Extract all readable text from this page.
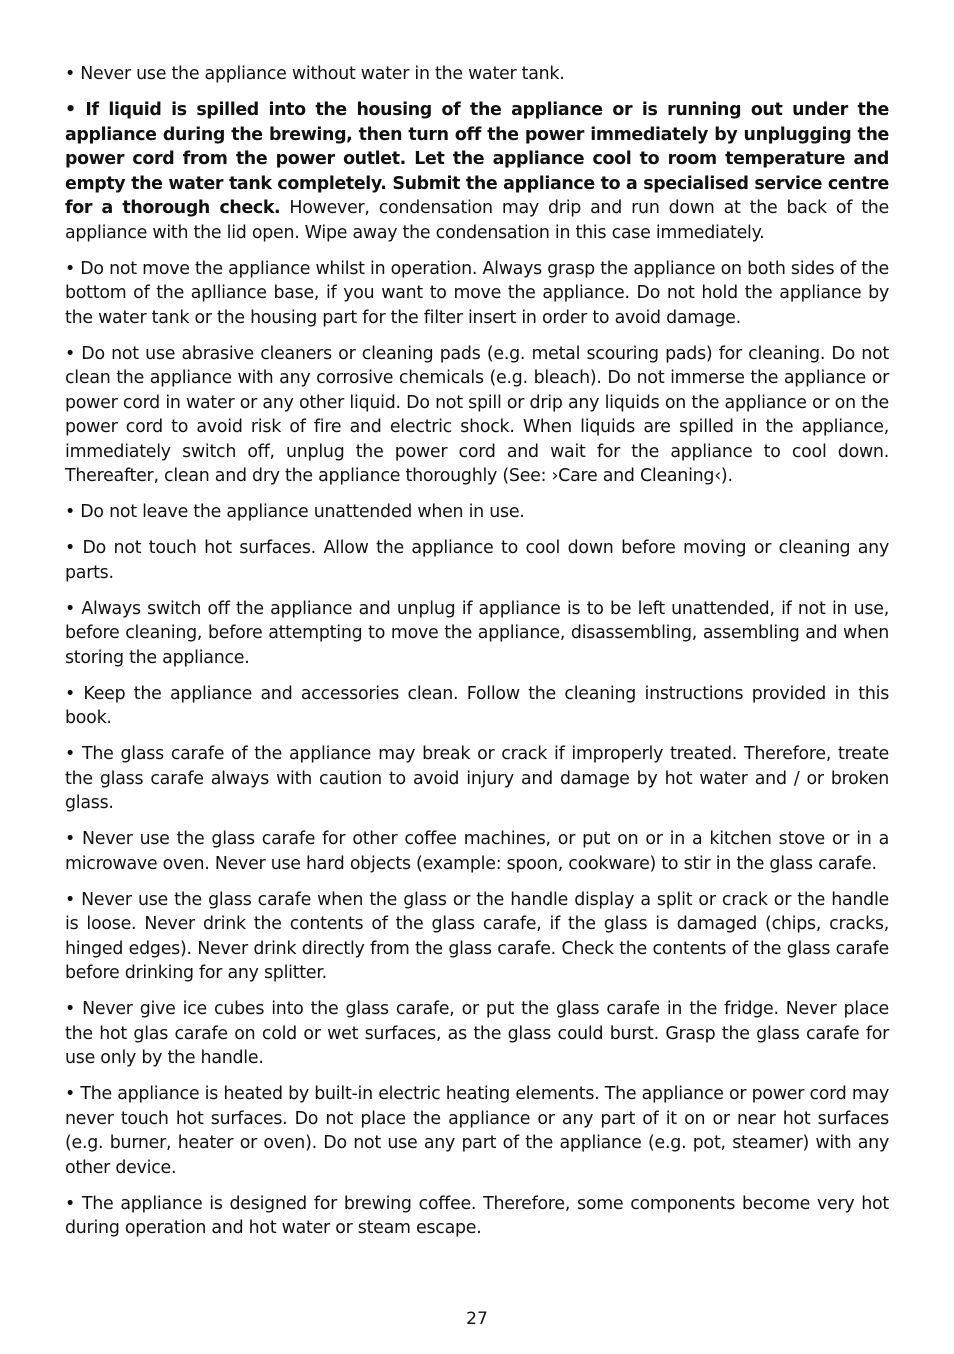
• Never use the appliance without water in the water tank.

• If liquid is spilled into the housing of the appliance or is running out under the appliance during the brewing, then turn off the power immediately by unplugging the power cord from the power outlet. Let the appliance cool to room temperature and empty the water tank completely. Submit the appliance to a specialised service centre for a thorough check. However, condensation may drip and run down at the back of the appliance with the lid open. Wipe away the condensation in this case immediately.

• Do not move the appliance whilst in operation. Always grasp the appliance on both sides of the bottom of the aplliance base, if you want to move the appliance. Do not hold the appliance by the water tank or the housing part for the filter insert in order to avoid damage.

• Do not use abrasive cleaners or cleaning pads (e.g. metal scouring pads) for cleaning. Do not clean the appliance with any corrosive chemicals (e.g. bleach). Do not immerse the appliance or power cord in water or any other liquid. Do not spill or drip any liquids on the appliance or on the power cord to avoid risk of fire and electric shock. When liquids are spilled in the appliance, immediately switch off, unplug the power cord and wait for the appliance to cool down. Thereafter, clean and dry the appliance thoroughly (See: ›Care and Cleaning‹).

• Do not leave the appliance unattended when in use.

• Do not touch hot surfaces. Allow the appliance to cool down before moving or cleaning any parts.

• Always switch off the appliance and unplug if appliance is to be left unattended, if not in use, before cleaning, before attempting to move the appliance, disassembling, assembling and when storing the appliance.

• Keep the appliance and accessories clean. Follow the cleaning instructions provided in this book.

• The glass carafe of the appliance may break or crack if improperly treated. Therefore, treate the glass carafe always with caution to avoid injury and damage by hot water and / or broken glass.

• Never use the glass carafe for other coffee machines, or put on or in a kitchen stove or in a microwave oven. Never use hard objects (example: spoon, cookware) to stir in the glass carafe.

• Never use the glass carafe when the glass or the handle display a split or crack or the handle is loose. Never drink the contents of the glass carafe, if the glass is damaged (chips, cracks, hinged edges). Never drink directly from the glass carafe. Check the contents of the glass carafe before drinking for any splitter.

• Never give ice cubes into the glass carafe, or put the glass carafe in the fridge. Never place the hot glas carafe on cold or wet surfaces, as the glass could burst. Grasp the glass carafe for use only by the handle.

• The appliance is heated by built-in electric heating elements. The appliance or power cord may never touch hot surfaces. Do not place the appliance or any part of it on or near hot surfaces (e.g. burner, heater or oven). Do not use any part of the appliance (e.g. pot, steamer) with any other device.

• The appliance is designed for brewing coffee. Therefore, some components become very hot during operation and hot water or steam escape.

27
